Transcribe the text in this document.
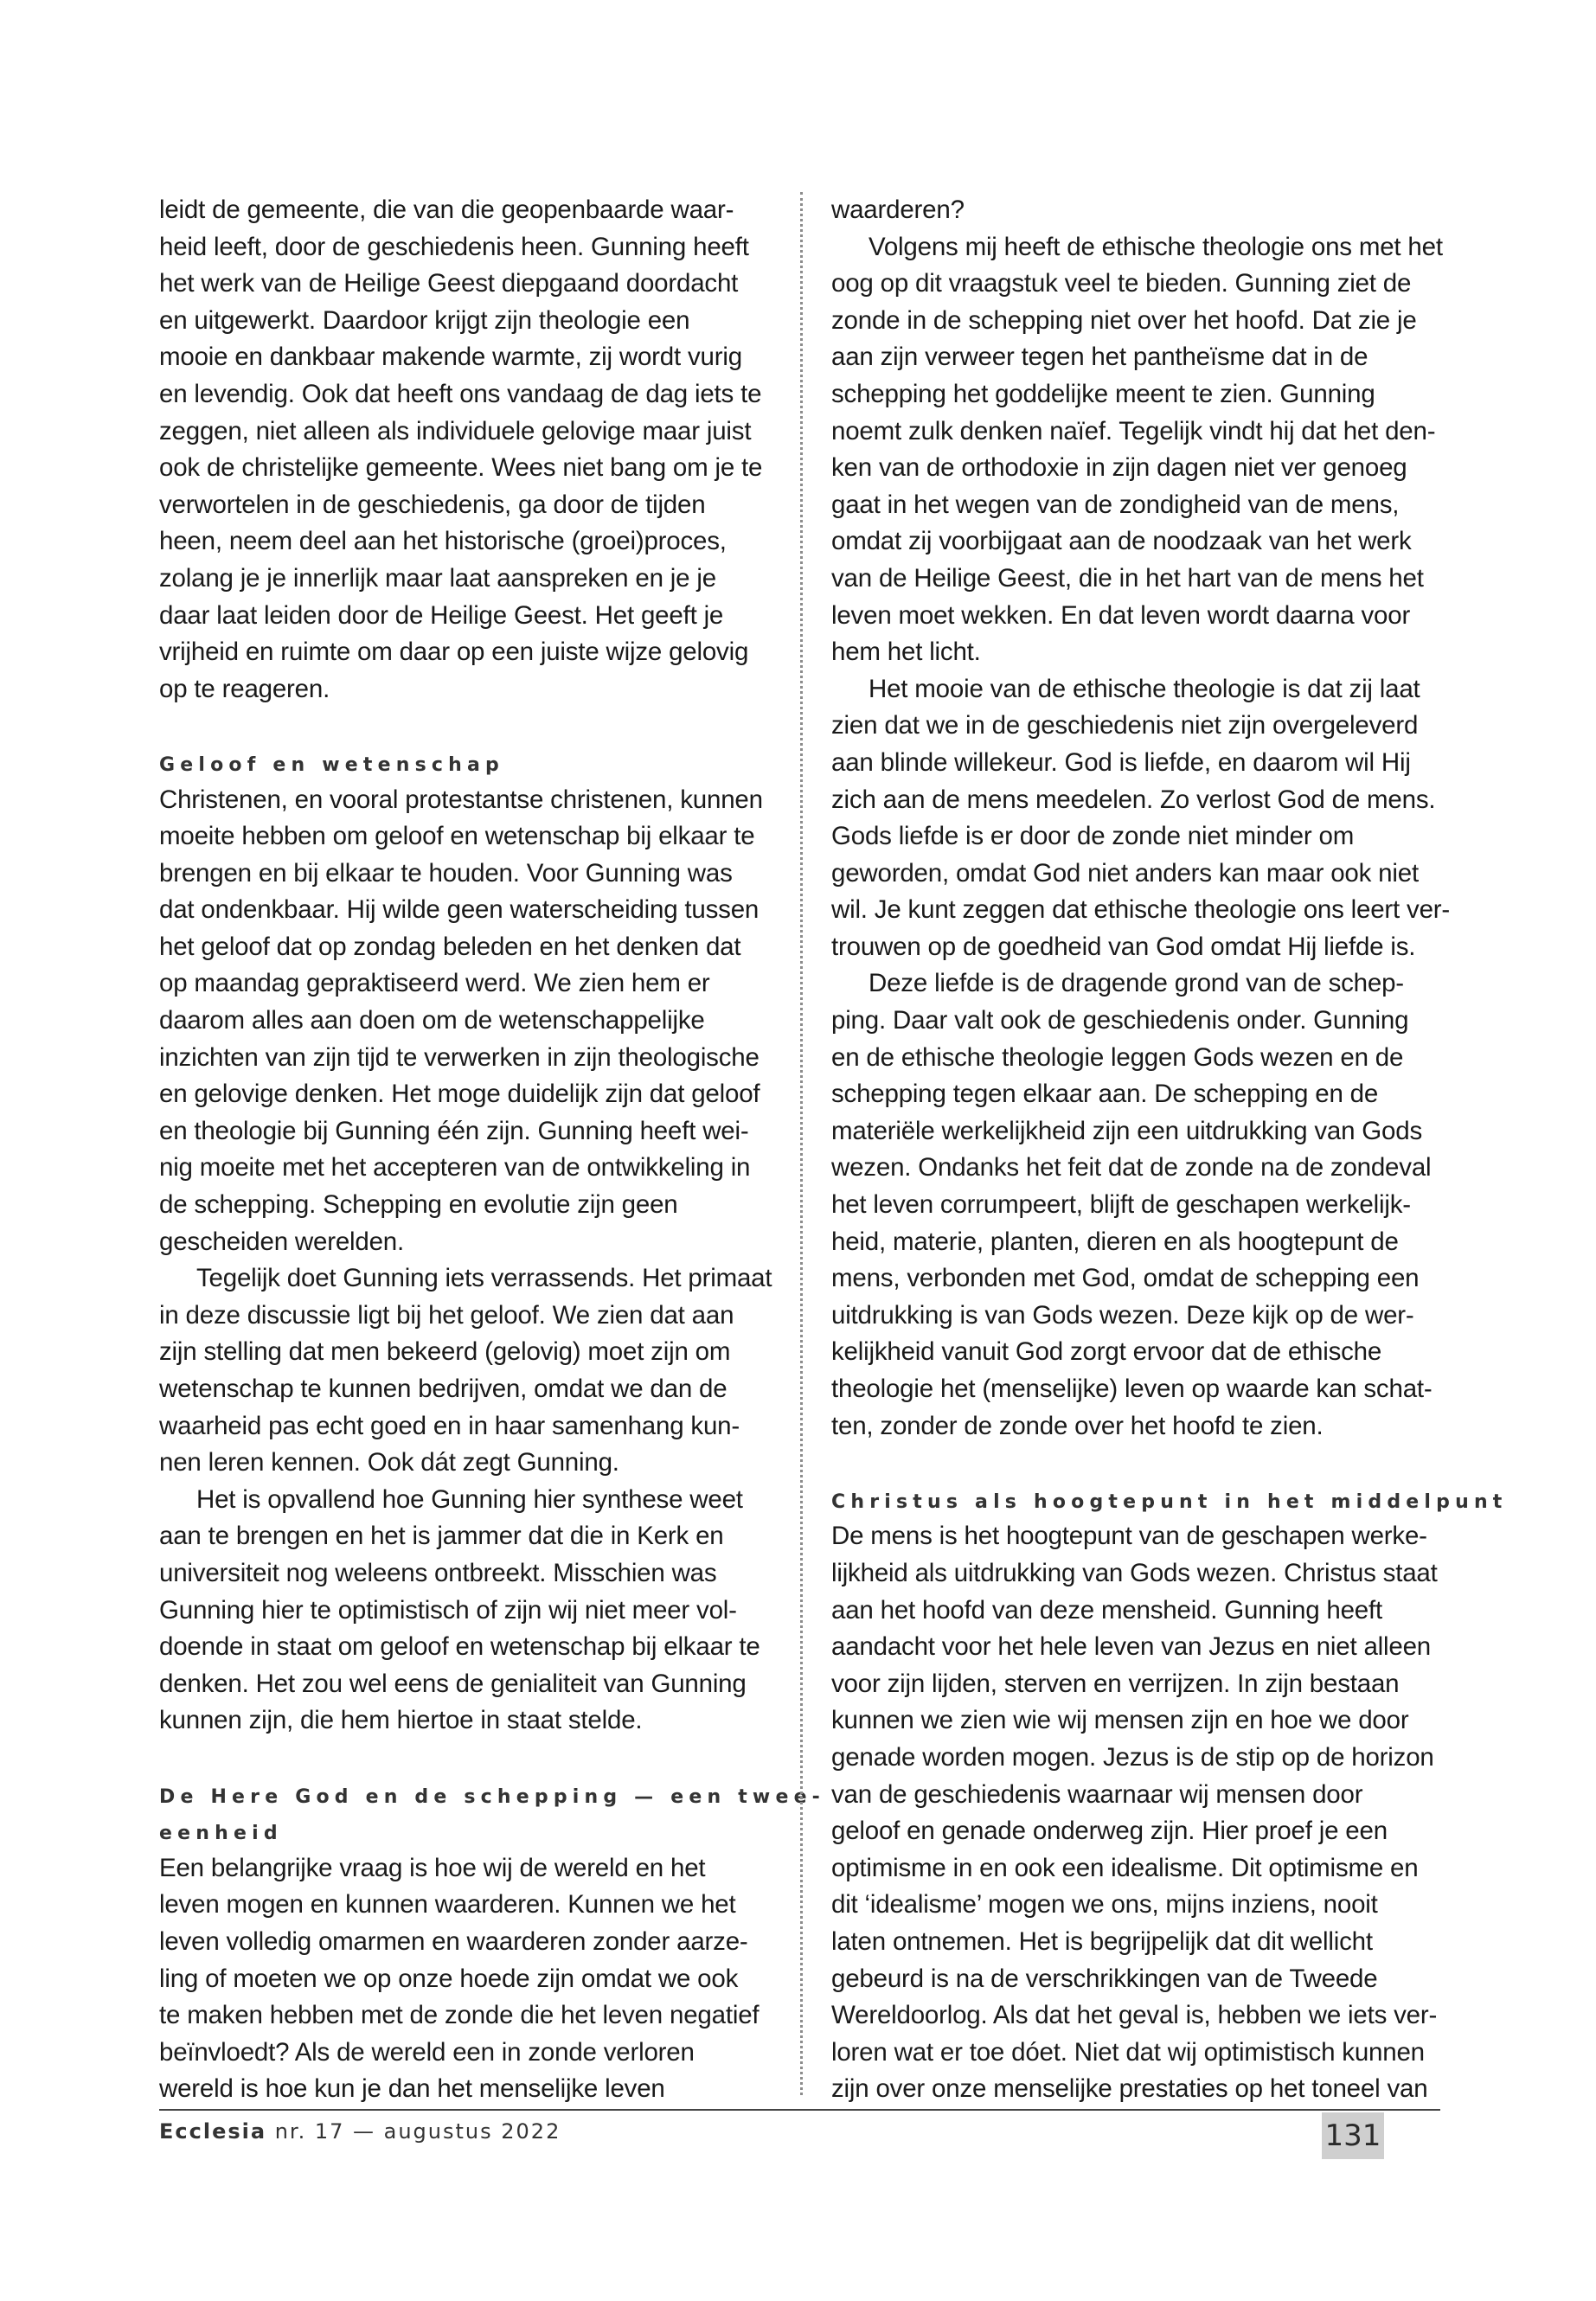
leidt de gemeente, die van die geopenbaarde waar-
heid leeft, door de geschiedenis heen. Gunning heeft
het werk van de Heilige Geest diepgaand doordacht
en uitgewerkt. Daardoor krijgt zijn theologie een
mooie en dankbaar makende warmte, zij wordt vurig
en levendig. Ook dat heeft ons vandaag de dag iets te
zeggen, niet alleen als individuele gelovige maar juist
ook de christelijke gemeente. Wees niet bang om je te
verwortelen in de geschiedenis, ga door de tijden
heen, neem deel aan het historische (groei)proces,
zolang je je innerlijk maar laat aanspreken en je je
daar laat leiden door de Heilige Geest. Het geeft je
vrijheid en ruimte om daar op een juiste wijze gelovig
op te reageren.
Geloof en wetenschap
Christenen, en vooral protestantse christenen, kunnen
moeite hebben om geloof en wetenschap bij elkaar te
brengen en bij elkaar te houden. Voor Gunning was
dat ondenkbaar. Hij wilde geen waterscheiding tussen
het geloof dat op zondag beleden en het denken dat
op maandag gepraktiseerd werd. We zien hem er
daarom alles aan doen om de wetenschappelijke
inzichten van zijn tijd te verwerken in zijn theologische
en gelovige denken. Het moge duidelijk zijn dat geloof
en theologie bij Gunning één zijn. Gunning heeft wei-
nig moeite met het accepteren van de ontwikkeling in
de schepping. Schepping en evolutie zijn geen
gescheiden werelden.
Tegelijk doet Gunning iets verrassends. Het primaat
in deze discussie ligt bij het geloof. We zien dat aan
zijn stelling dat men bekeerd (gelovig) moet zijn om
wetenschap te kunnen bedrijven, omdat we dan de
waarheid pas echt goed en in haar samenhang kun-
nen leren kennen. Ook dát zegt Gunning.
Het is opvallend hoe Gunning hier synthese weet
aan te brengen en het is jammer dat die in Kerk en
universiteit nog weleens ontbreekt. Misschien was
Gunning hier te optimistisch of zijn wij niet meer vol-
doende in staat om geloof en wetenschap bij elkaar te
denken. Het zou wel eens de genialiteit van Gunning
kunnen zijn, die hem hiertoe in staat stelde.
De Here God en de schepping — een twee-
eenheid
Een belangrijke vraag is hoe wij de wereld en het
leven mogen en kunnen waarderen. Kunnen we het
leven volledig omarmen en waarderen zonder aarze-
ling of moeten we op onze hoede zijn omdat we ook
te maken hebben met de zonde die het leven negatief
beïnvloedt? Als de wereld een in zonde verloren
wereld is hoe kun je dan het menselijke leven
waarderen?
Volgens mij heeft de ethische theologie ons met het
oog op dit vraagstuk veel te bieden. Gunning ziet de
zonde in de schepping niet over het hoofd. Dat zie je
aan zijn verweer tegen het pantheïsme dat in de
schepping het goddelijke meent te zien. Gunning
noemt zulk denken naïef. Tegelijk vindt hij dat het den-
ken van de orthodoxie in zijn dagen niet ver genoeg
gaat in het wegen van de zondigheid van de mens,
omdat zij voorbijgaat aan de noodzaak van het werk
van de Heilige Geest, die in het hart van de mens het
leven moet wekken. En dat leven wordt daarna voor
hem het licht.
Het mooie van de ethische theologie is dat zij laat
zien dat we in de geschiedenis niet zijn overgeleverd
aan blinde willekeur. God is liefde, en daarom wil Hij
zich aan de mens meedelen. Zo verlost God de mens.
Gods liefde is er door de zonde niet minder om
geworden, omdat God niet anders kan maar ook niet
wil. Je kunt zeggen dat ethische theologie ons leert ver-
trouwen op de goedheid van God omdat Hij liefde is.
Deze liefde is de dragende grond van de schep-
ping. Daar valt ook de geschiedenis onder. Gunning
en de ethische theologie leggen Gods wezen en de
schepping tegen elkaar aan. De schepping en de
materiële werkelijkheid zijn een uitdrukking van Gods
wezen. Ondanks het feit dat de zonde na de zondeval
het leven corrumpeert, blijft de geschapen werkelijk-
heid, materie, planten, dieren en als hoogtepunt de
mens, verbonden met God, omdat de schepping een
uitdrukking is van Gods wezen. Deze kijk op de wer-
kelijkheid vanuit God zorgt ervoor dat de ethische
theologie het (menselijke) leven op waarde kan schat-
ten, zonder de zonde over het hoofd te zien.
Christus als hoogtepunt in het middelpunt
De mens is het hoogtepunt van de geschapen werke-
lijkheid als uitdrukking van Gods wezen. Christus staat
aan het hoofd van deze mensheid. Gunning heeft
aandacht voor het hele leven van Jezus en niet alleen
voor zijn lijden, sterven en verrijzen. In zijn bestaan
kunnen we zien wie wij mensen zijn en hoe we door
genade worden mogen. Jezus is de stip op de horizon
van de geschiedenis waarnaar wij mensen door
geloof en genade onderweg zijn. Hier proef je een
optimisme in en ook een idealisme. Dit optimisme en
dit ‘idealisme’ mogen we ons, mijns inziens, nooit
laten ontnemen. Het is begrijpelijk dat dit wellicht
gebeurd is na de verschrikkingen van de Tweede
Wereldoorlog. Als dat het geval is, hebben we iets ver-
loren wat er toe dóet. Niet dat wij optimistisch kunnen
zijn over onze menselijke prestaties op het toneel van
Ecclesia nr. 17 — augustus 2022	131
